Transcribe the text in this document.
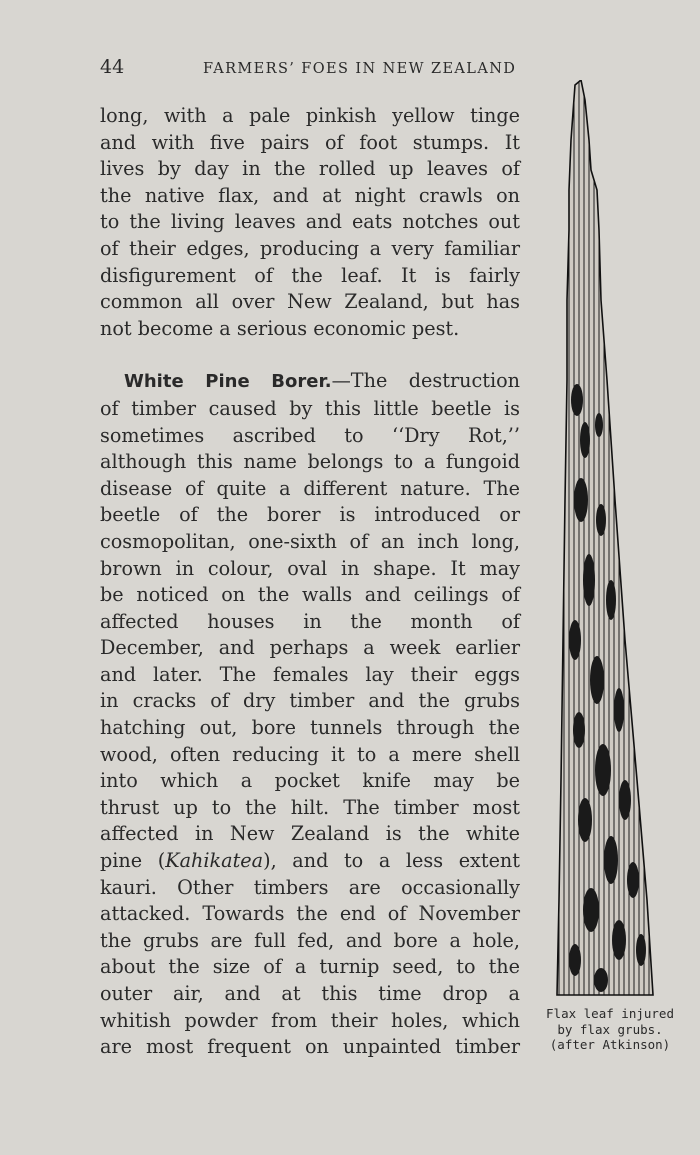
44	FARMERS’ FOES IN NEW ZEALAND

long, with a pale pinkish yellow tinge
and with five pairs of foot stumps. It
lives by day in the rolled up leaves of
the native flax, and at night crawls on
to the living leaves and eats notches out
of their edges, producing a very familiar
disfigurement of the leaf. It is fairly
common all over New Zealand, but has
not become a serious economic pest.

White Pine Borer.—The destruction
of timber caused by this little beetle is
sometimes ascribed to ‘‘Dry Rot,’’
although this name belongs to a fungoid
disease of quite a different nature. The
beetle of the borer is introduced or
cosmopolitan, one-sixth of an inch long,
brown in colour, oval in shape. It may
be noticed on the walls and ceilings of
affected houses in the month of
December, and perhaps a week earlier
and later. The females lay their eggs
in cracks of dry timber and the grubs
hatching out, bore tunnels through the
wood, often reducing it to a mere shell
into which a pocket knife may be
thrust up to the hilt. The timber most
affected in New Zealand is the white
pine (Kahikatea), and to a less extent
kauri. Other timbers are occasionally
attacked. Towards the end of November
the grubs are full fed, and bore a hole,
about the size of a turnip seed, to the
outer air, and at this time drop a
whitish powder from their holes, which
are most frequent on unpainted timber

Flax leaf injured
by flax grubs.
(after Atkinson)
